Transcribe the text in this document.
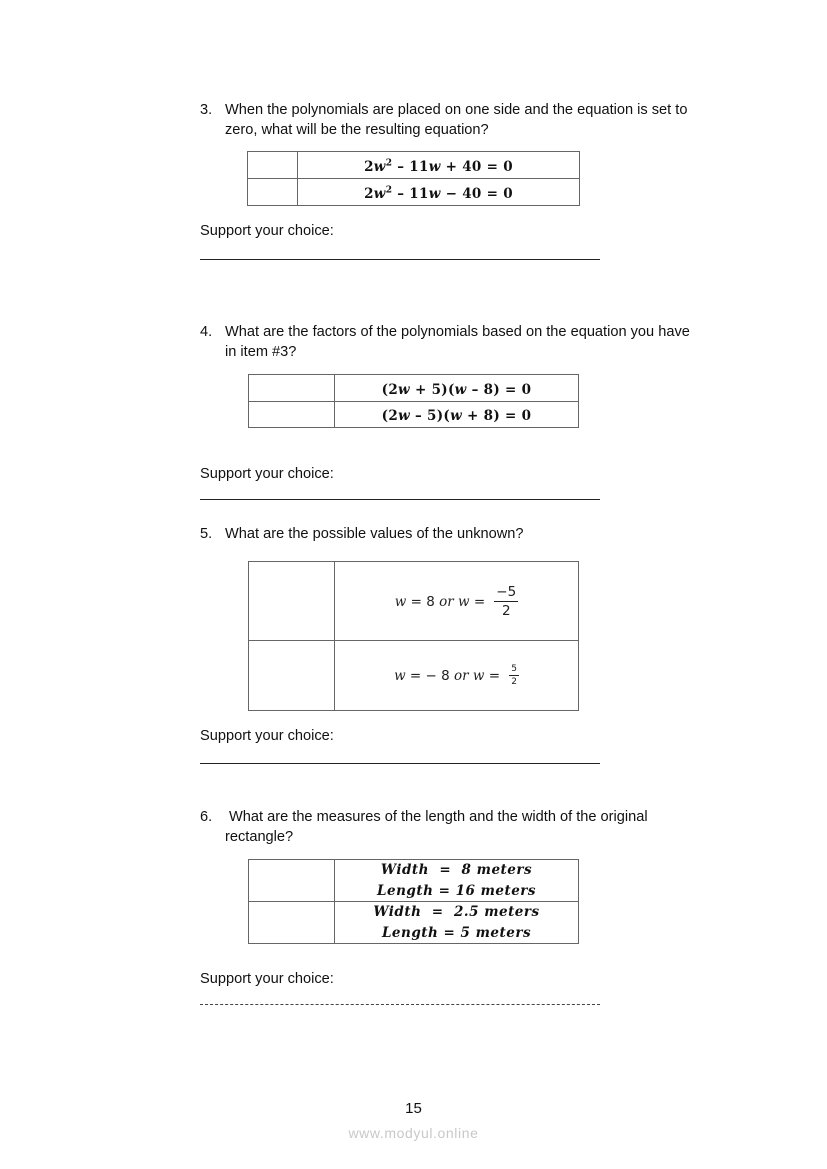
3. When the polynomials are placed on one side and the equation is set to
zero, what will be the resulting equation?
	$2w^2 - 11w + 40 = 0$
	$2w^2 - 11w - 40 = 0$
Support your choice:
4. What are the factors of the polynomials based on the equation you have
in item #3?
	(2w + 5)(w – 8) = 0
	(2w – 5)(w + 8) = 0
Support your choice:
5. What are the possible values of the unknown?
	w = 8 or $w = \frac{-5}{2}$

	w = − 8 or $w = \frac{5}{2}$
Support your choice:
6. What are the measures of the length and the width of the original
rectangle?

	Width  =  8 meters
Length = 16 meters

	Width  =  2.5 meters
Length = 5 meters
Support your choice:
15
www.modyul.online
